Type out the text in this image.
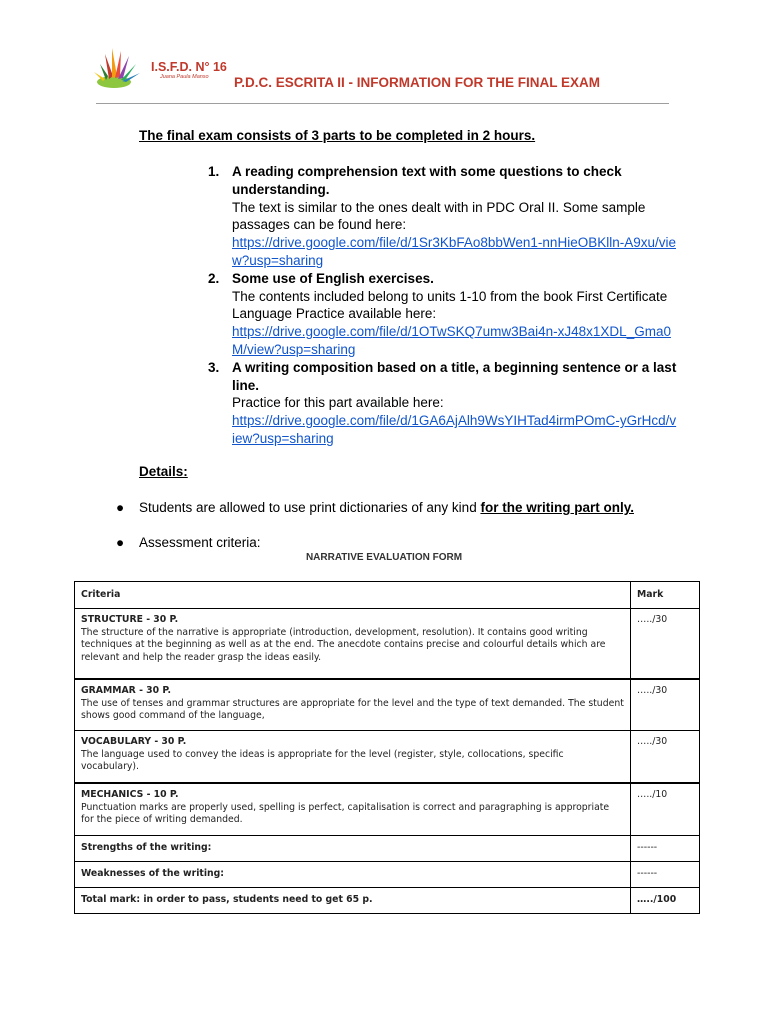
I.S.F.D. N° 16
Juana Paula Manso P.D.C. ESCRITA II - INFORMATION FOR THE FINAL EXAM
The final exam consists of 3 parts to be completed in 2 hours.
1. A reading comprehension text with some questions to check understanding.
The text is similar to the ones dealt with in PDC Oral II. Some sample passages can be found here:
https://drive.google.com/file/d/1Sr3KbFAo8bbWen1-nnHieOBKlln-A9xu/view?usp=sharing
2. Some use of English exercises.
The contents included belong to units 1-10 from the book First Certificate Language Practice available here:
https://drive.google.com/file/d/1OTwSKQ7umw3Bai4n-xJ48x1XDL_Gma0M/view?usp=sharing
3. A writing composition based on a title, a beginning sentence or a last line.
Practice for this part available here:
https://drive.google.com/file/d/1GA6AjAlh9WsYIHTad4irmPOmC-yGrHcd/view?usp=sharing
Details:
● Students are allowed to use print dictionaries of any kind for the writing part only.
● Assessment criteria:
NARRATIVE EVALUATION FORM
Criteria	Mark

STRUCTURE - 30 P.
The structure of the narrative is appropriate (introduction, development, resolution). It contains good writing techniques at the beginning as well as at the end. The anecdote contains precise and colourful details which are relevant and help the reader grasp the ideas easily.	…../30

GRAMMAR - 30 P.
The use of tenses and grammar structures are appropriate for the level and the type of text demanded. The student shows good command of the language,	…../30

VOCABULARY - 30 P.
The language used to convey the ideas is appropriate for the level (register, style, collocations, specific vocabulary).	…../30

MECHANICS - 10 P.
Punctuation marks are properly used, spelling is perfect, capitalisation is correct and paragraphing is appropriate for the piece of writing demanded.	…../10
Strengths of the writing:	------
Weaknesses of the writing:	------
Total mark: in order to pass, students need to get 65 p.	…../100
